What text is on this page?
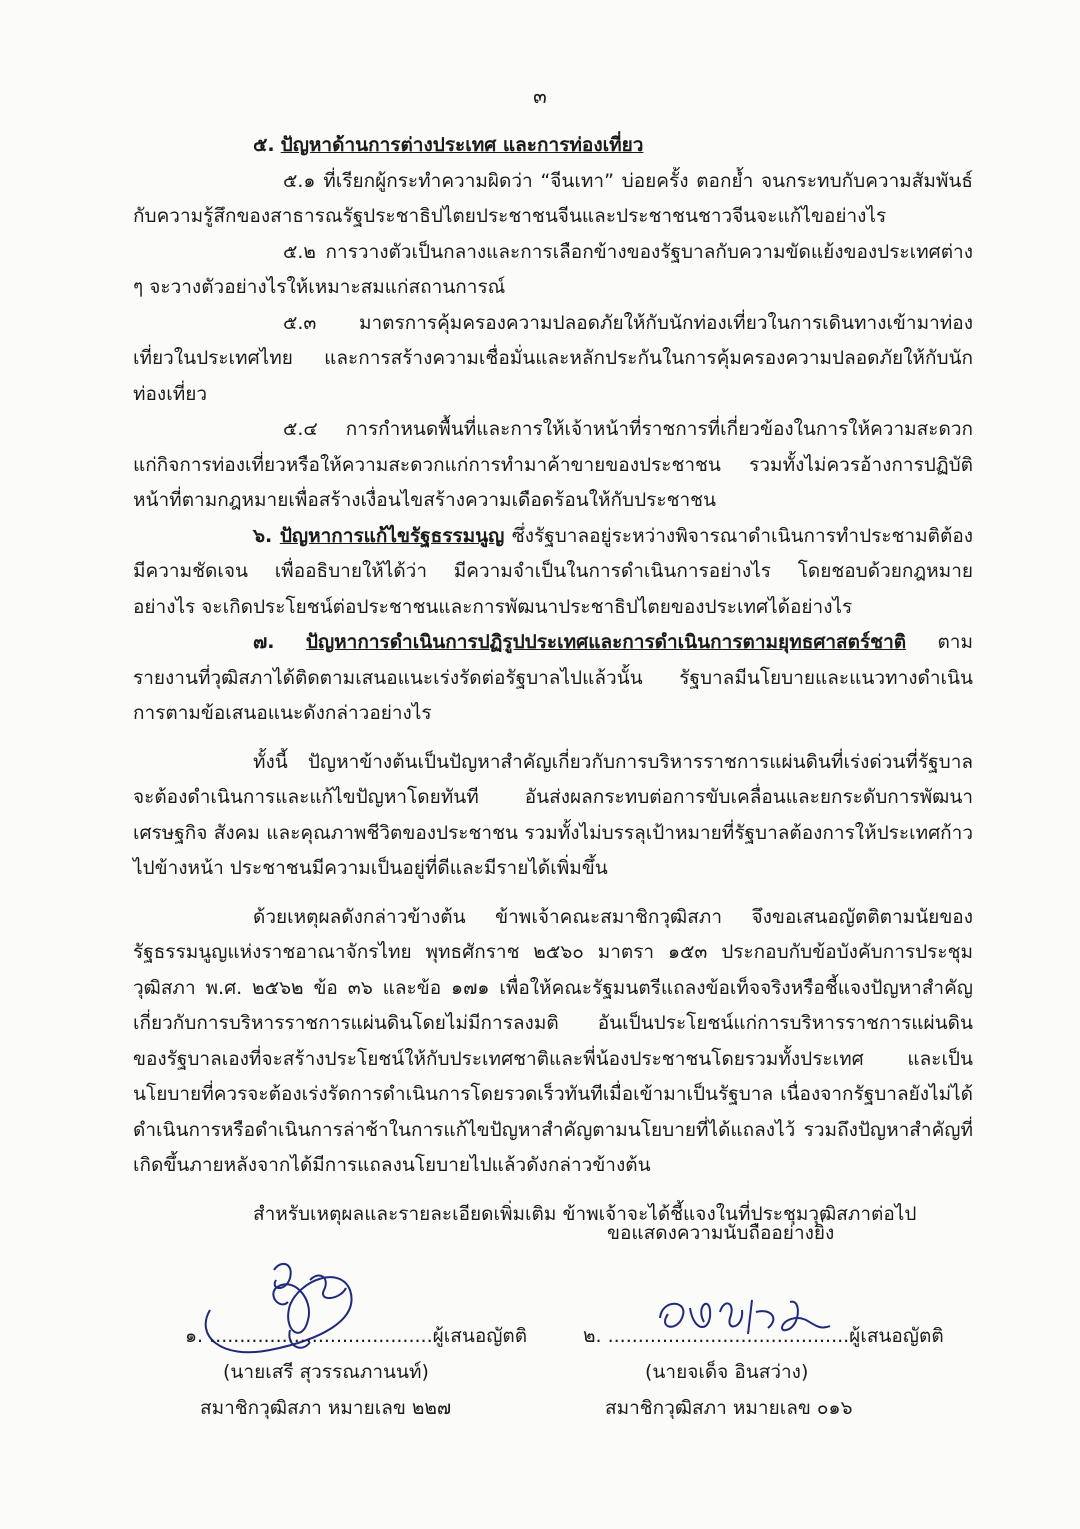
๓

๕. ปัญหาด้านการต่างประเทศ และการท่องเที่ยว

๕.๑ ที่เรียกผู้กระทำความผิดว่า “จีนเทา” บ่อยครั้ง ตอกย้ำ จนกระทบกับความสัมพันธ์กับความรู้สึกของสาธารณรัฐประชาธิปไตยประชาชนจีนและประชาชนชาวจีนจะแก้ไขอย่างไร

๕.๒ การวางตัวเป็นกลางและการเลือกข้างของรัฐบาลกับความขัดแย้งของประเทศต่าง ๆ จะวางตัวอย่างไรให้เหมาะสมแก่สถานการณ์

๕.๓ มาตรการคุ้มครองความปลอดภัยให้กับนักท่องเที่ยวในการเดินทางเข้ามาท่องเที่ยวในประเทศไทย และการสร้างความเชื่อมั่นและหลักประกันในการคุ้มครองความปลอดภัยให้กับนักท่องเที่ยว

๕.๔ การกำหนดพื้นที่และการให้เจ้าหน้าที่ราชการที่เกี่ยวข้องในการให้ความสะดวกแก่กิจการท่องเที่ยวหรือให้ความสะดวกแก่การทำมาค้าขายของประชาชน รวมทั้งไม่ควรอ้างการปฏิบัติหน้าที่ตามกฎหมายเพื่อสร้างเงื่อนไขสร้างความเดือดร้อนให้กับประชาชน

๖. ปัญหาการแก้ไขรัฐธรรมนูญ ซึ่งรัฐบาลอยู่ระหว่างพิจารณาดำเนินการทำประชามติต้องมีความชัดเจน เพื่ออธิบายให้ได้ว่า มีความจำเป็นในการดำเนินการอย่างไร โดยชอบด้วยกฎหมายอย่างไร จะเกิดประโยชน์ต่อประชาชนและการพัฒนาประชาธิปไตยของประเทศได้อย่างไร

๗. ปัญหาการดำเนินการปฏิรูปประเทศและการดำเนินการตามยุทธศาสตร์ชาติ ตามรายงานที่วุฒิสภาได้ติดตามเสนอแนะเร่งรัดต่อรัฐบาลไปแล้วนั้น รัฐบาลมีนโยบายและแนวทางดำเนินการตามข้อเสนอแนะดังกล่าวอย่างไร

ทั้งนี้ ปัญหาข้างต้นเป็นปัญหาสำคัญเกี่ยวกับการบริหารราชการแผ่นดินที่เร่งด่วนที่รัฐบาลจะต้องดำเนินการและแก้ไขปัญหาโดยทันที อันส่งผลกระทบต่อการขับเคลื่อนและยกระดับการพัฒนาเศรษฐกิจ สังคม และคุณภาพชีวิตของประชาชน รวมทั้งไม่บรรลุเป้าหมายที่รัฐบาลต้องการให้ประเทศก้าวไปข้างหน้า ประชาชนมีความเป็นอยู่ที่ดีและมีรายได้เพิ่มขึ้น

ด้วยเหตุผลดังกล่าวข้างต้น ข้าพเจ้าคณะสมาชิกวุฒิสภา จึงขอเสนอญัตติตามนัยของรัฐธรรมนูญแห่งราชอาณาจักรไทย พุทธศักราช ๒๕๖๐ มาตรา ๑๕๓ ประกอบกับข้อบังคับการประชุมวุฒิสภา พ.ศ. ๒๕๖๒ ข้อ ๓๖ และข้อ ๑๗๑ เพื่อให้คณะรัฐมนตรีแถลงข้อเท็จจริงหรือชี้แจงปัญหาสำคัญเกี่ยวกับการบริหารราชการแผ่นดินโดยไม่มีการลงมติ อันเป็นประโยชน์แก่การบริหารราชการแผ่นดินของรัฐบาลเองที่จะสร้างประโยชน์ให้กับประเทศชาติและพี่น้องประชาชนโดยรวมทั้งประเทศ และเป็นนโยบายที่ควรจะต้องเร่งรัดการดำเนินการโดยรวดเร็วทันทีเมื่อเข้ามาเป็นรัฐบาล เนื่องจากรัฐบาลยังไม่ได้ดำเนินการหรือดำเนินการล่าช้าในการแก้ไขปัญหาสำคัญตามนโยบายที่ได้แถลงไว้ รวมถึงปัญหาสำคัญที่เกิดขึ้นภายหลังจากได้มีการแถลงนโยบายไปแล้วดังกล่าวข้างต้น

สำหรับเหตุผลและรายละเอียดเพิ่มเติม ข้าพเจ้าจะได้ชี้แจงในที่ประชุมวุฒิสภาต่อไป

ขอแสดงความนับถืออย่างยิ่ง
๑. .....................................ผู้เสนอญัตติ
(นายเสรี สุวรรณภานนท์)
สมาชิกวุฒิสภา หมายเลข ๒๒๗
๒. ........................................ผู้เสนอญัตติ
(นายจเด็จ อินสว่าง)
สมาชิกวุฒิสภา หมายเลข ๐๑๖
